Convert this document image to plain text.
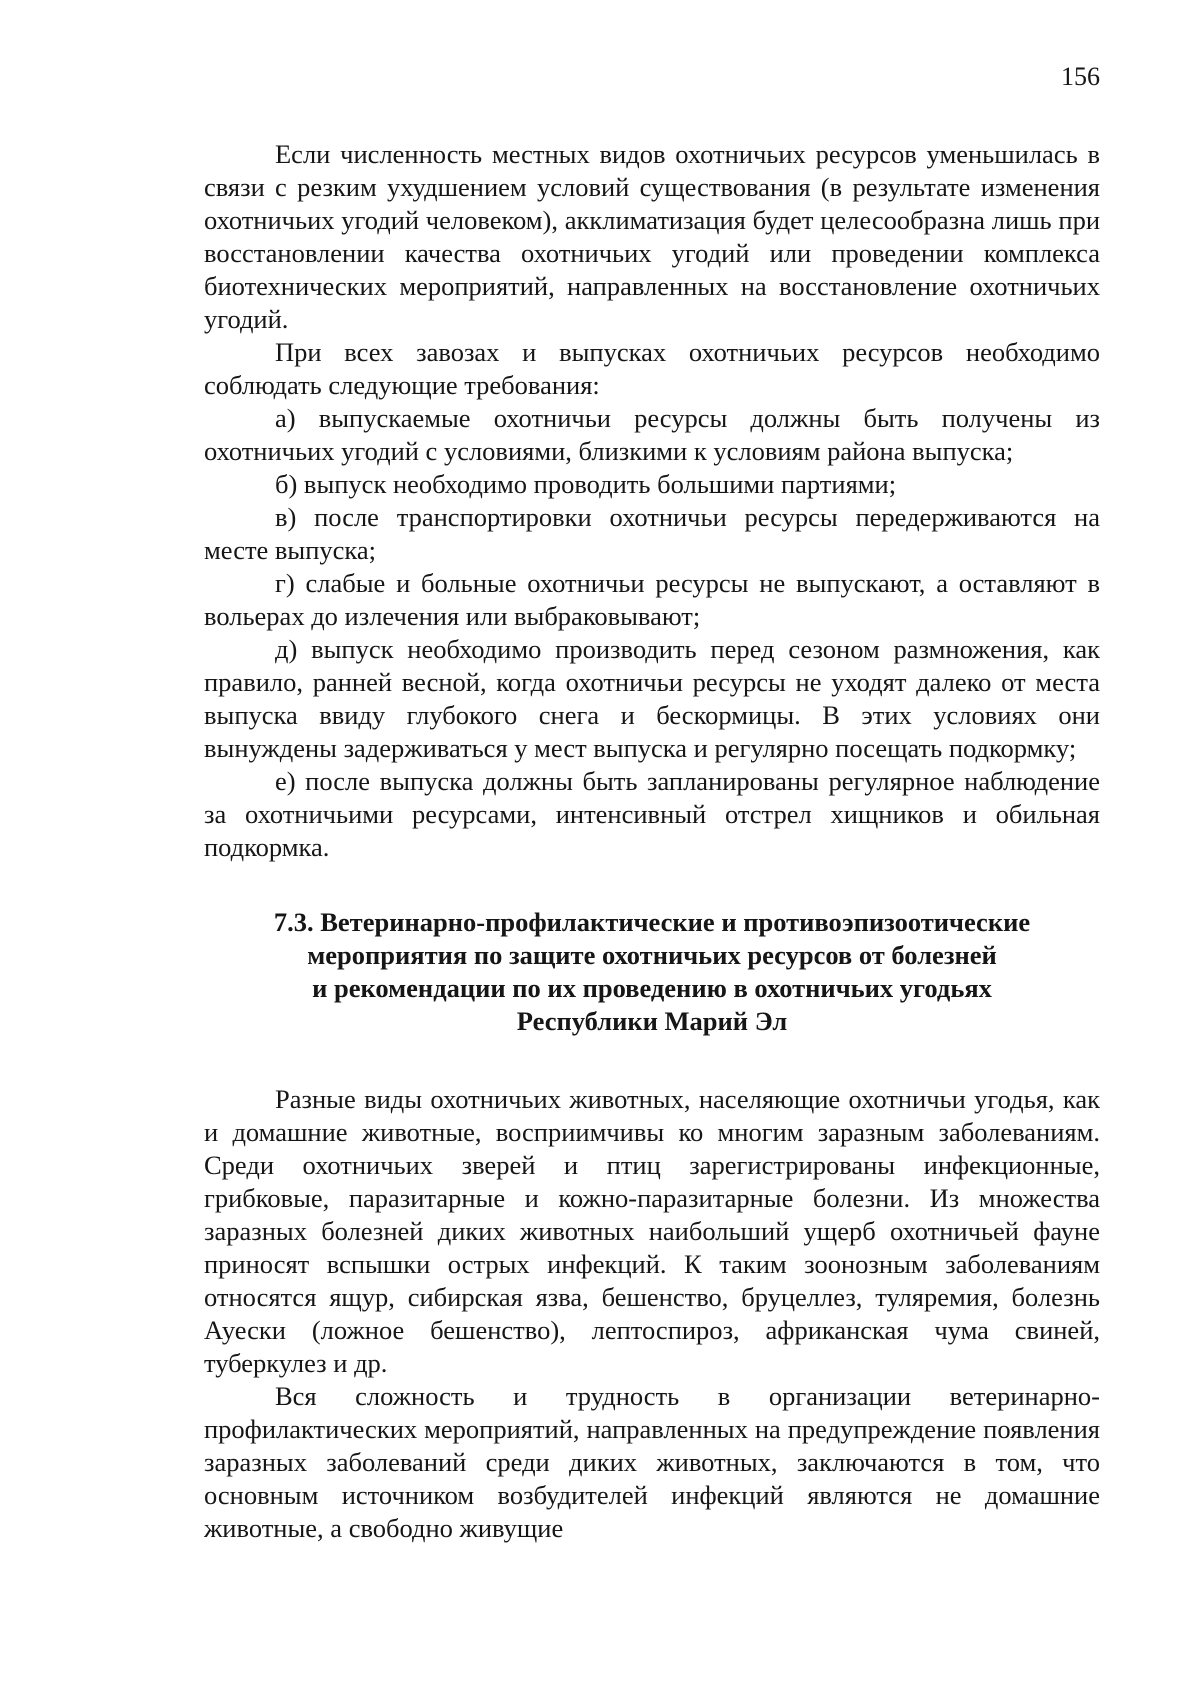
156

Если численность местных видов охотничьих ресурсов уменьшилась в связи с резким ухудшением условий существования (в результате изменения охотничьих угодий человеком), акклиматизация будет целесообразна лишь при восстановлении качества охотничьих угодий или проведении комплекса биотехнических мероприятий, направленных на восстановление охотничьих угодий.

При всех завозах и выпусках охотничьих ресурсов необходимо соблюдать следующие требования:

а) выпускаемые охотничьи ресурсы должны быть получены из охотничьих угодий с условиями, близкими к условиям района выпуска;

б) выпуск необходимо проводить большими партиями;

в) после транспортировки охотничьи ресурсы передерживаются на месте выпуска;

г) слабые и больные охотничьи ресурсы не выпускают, а оставляют в вольерах до излечения или выбраковывают;

д) выпуск необходимо производить перед сезоном размножения, как правило, ранней весной, когда охотничьи ресурсы не уходят далеко от места выпуска ввиду глубокого снега и бескормицы. В этих условиях они вынуждены задерживаться у мест выпуска и регулярно посещать подкормку;

е) после выпуска должны быть запланированы регулярное наблюдение за охотничьими ресурсами, интенсивный отстрел хищников и обильная подкормка.

7.3. Ветеринарно-профилактические и противоэпизоотические
мероприятия по защите охотничьих ресурсов от болезней
и рекомендации по их проведению в охотничьих угодьях
Республики Марий Эл

Разные виды охотничьих животных, населяющие охотничьи угодья, как и домашние животные, восприимчивы ко многим заразным заболеваниям. Среди охотничьих зверей и птиц зарегистрированы инфекционные, грибковые, паразитарные и кожно-паразитарные болезни. Из множества заразных болезней диких животных наибольший ущерб охотничьей фауне приносят вспышки острых инфекций. К таким зоонозным заболеваниям относятся ящур, сибирская язва, бешенство, бруцеллез, туляремия, болезнь Ауески (ложное бешенство), лептоспироз, африканская чума свиней, туберкулез и др.

Вся сложность и трудность в организации ветеринарно-профилактических мероприятий, направленных на предупреждение появления заразных заболеваний среди диких животных, заключаются в том, что основным источником возбудителей инфекций являются не домашние животные, а свободно живущие
